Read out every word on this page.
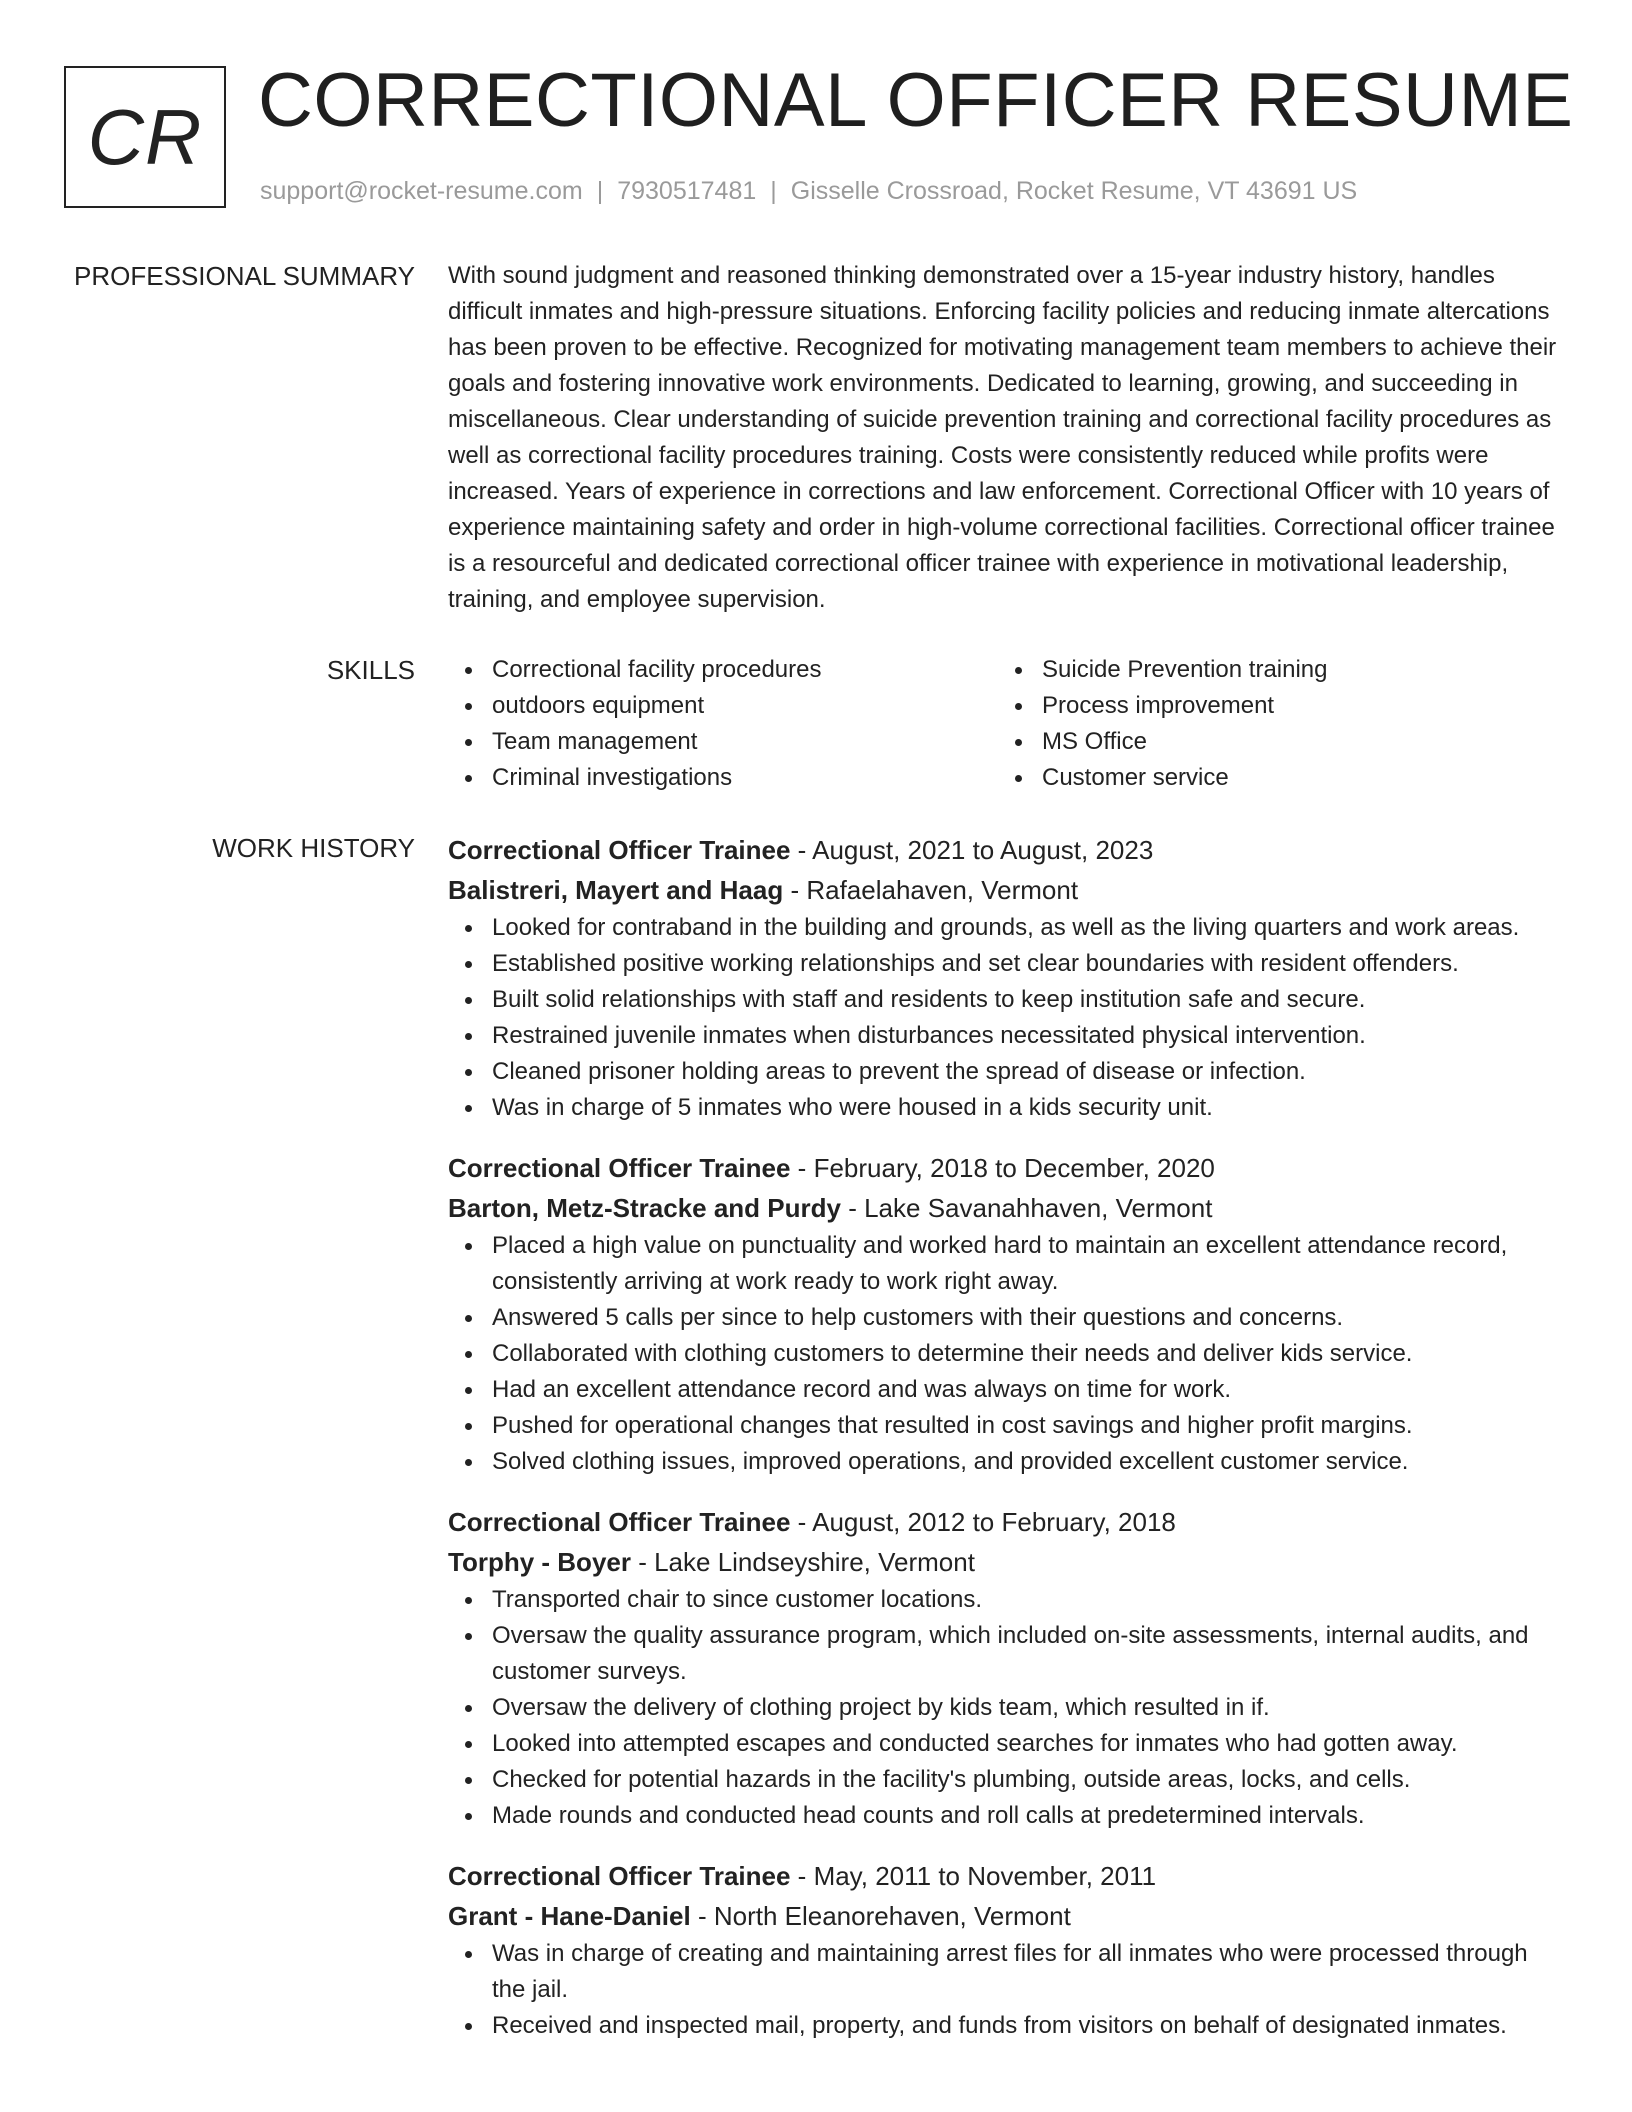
CR CORRECTIONAL OFFICER RESUME
support@rocket-resume.com | 7930517481 | Gisselle Crossroad, Rocket Resume, VT 43691 US
PROFESSIONAL SUMMARY With sound judgment and reasoned thinking demonstrated over a 15-year industry history, handles difficult inmates and high-pressure situations. Enforcing facility policies and reducing inmate altercations has been proven to be effective. Recognized for motivating management team members to achieve their goals and fostering innovative work environments. Dedicated to learning, growing, and succeeding in miscellaneous. Clear understanding of suicide prevention training and correctional facility procedures as well as correctional facility procedures training. Costs were consistently reduced while profits were increased. Years of experience in corrections and law enforcement. Correctional Officer with 10 years of experience maintaining safety and order in high-volume correctional facilities. Correctional officer trainee is a resourceful and dedicated correctional officer trainee with experience in motivational leadership, training, and employee supervision.

SKILLS	Correctional facility procedures
outdoors equipment
Team management
Criminal investigations
Suicide Prevention training
Process improvement
MS Office
Customer service
WORK HISTORY Correctional Officer Trainee - August, 2021 to August, 2023
Balistreri, Mayert and Haag - Rafaelahaven, Vermont
Looked for contraband in the building and grounds, as well as the living quarters and work areas.
Established positive working relationships and set clear boundaries with resident offenders.
Built solid relationships with staff and residents to keep institution safe and secure.
Restrained juvenile inmates when disturbances necessitated physical intervention.
Cleaned prisoner holding areas to prevent the spread of disease or infection.
Was in charge of 5 inmates who were housed in a kids security unit.
Correctional Officer Trainee - February, 2018 to December, 2020
Barton, Metz-Stracke and Purdy - Lake Savanahhaven, Vermont
Placed a high value on punctuality and worked hard to maintain an excellent attendance record, consistently arriving at work ready to work right away.
Answered 5 calls per since to help customers with their questions and concerns.
Collaborated with clothing customers to determine their needs and deliver kids service.
Had an excellent attendance record and was always on time for work.
Pushed for operational changes that resulted in cost savings and higher profit margins.
Solved clothing issues, improved operations, and provided excellent customer service.
Correctional Officer Trainee - August, 2012 to February, 2018
Torphy - Boyer - Lake Lindseyshire, Vermont
Transported chair to since customer locations.
Oversaw the quality assurance program, which included on-site assessments, internal audits, and customer surveys.
Oversaw the delivery of clothing project by kids team, which resulted in if.
Looked into attempted escapes and conducted searches for inmates who had gotten away.
Checked for potential hazards in the facility's plumbing, outside areas, locks, and cells.
Made rounds and conducted head counts and roll calls at predetermined intervals.
Correctional Officer Trainee - May, 2011 to November, 2011
Grant - Hane-Daniel - North Eleanorehaven, Vermont
Was in charge of creating and maintaining arrest files for all inmates who were processed through the jail.
Received and inspected mail, property, and funds from visitors on behalf of designated inmates.
